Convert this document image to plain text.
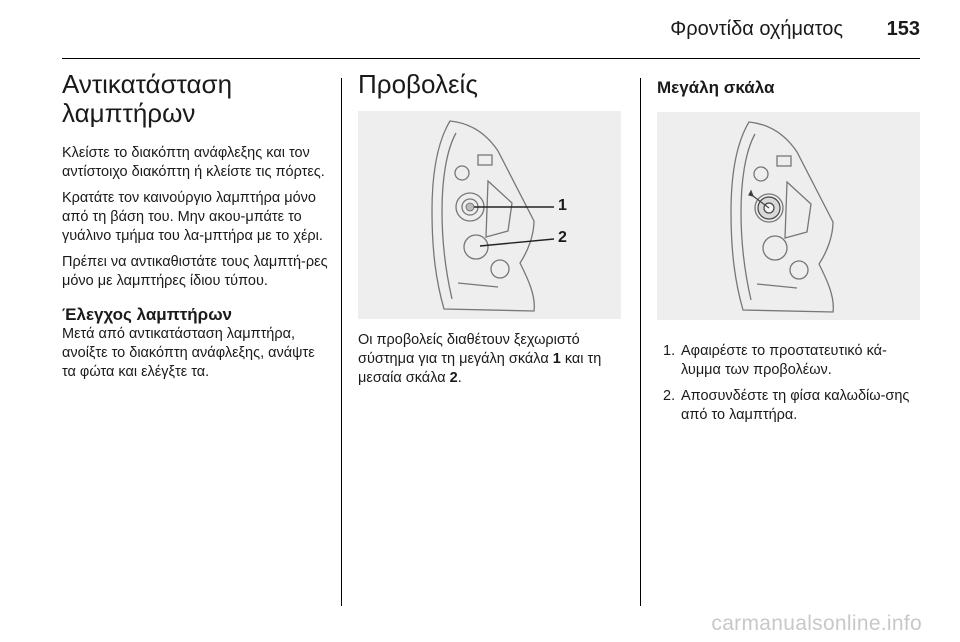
Φροντίδα οχήματος 153
Αντικατάσταση λαμπτήρων

Κλείστε το διακόπτη ανάφλεξης και τον αντίστοιχο διακόπτη ή κλείστε τις πόρτες.

Κρατάτε τον καινούργιο λαμπτήρα μόνο από τη βάση του. Μην ακου-μπάτε το γυάλινο τμήμα του λα-μπτήρα με το χέρι.

Πρέπει να αντικαθιστάτε τους λαμπτή-ρες μόνο με λαμπτήρες ίδιου τύπου.

Έλεγχος λαμπτήρων

Μετά από αντικατάσταση λαμπτήρα, ανοίξτε το διακόπτη ανάφλεξης, ανάψτε τα φώτα και ελέγξτε τα.

Προβολείς
1
2

Οι προβολείς διαθέτουν ξεχωριστό σύστημα για τη μεγάλη σκάλα 1 και τη μεσαία σκάλα 2.

Μεγάλη σκάλα
1. Αφαιρέστε το προστατευτικό κά-λυμμα των προβολέων.
2. Αποσυνδέστε τη φίσα καλωδίω-σης από το λαμπτήρα.
carmanualsonline.info
